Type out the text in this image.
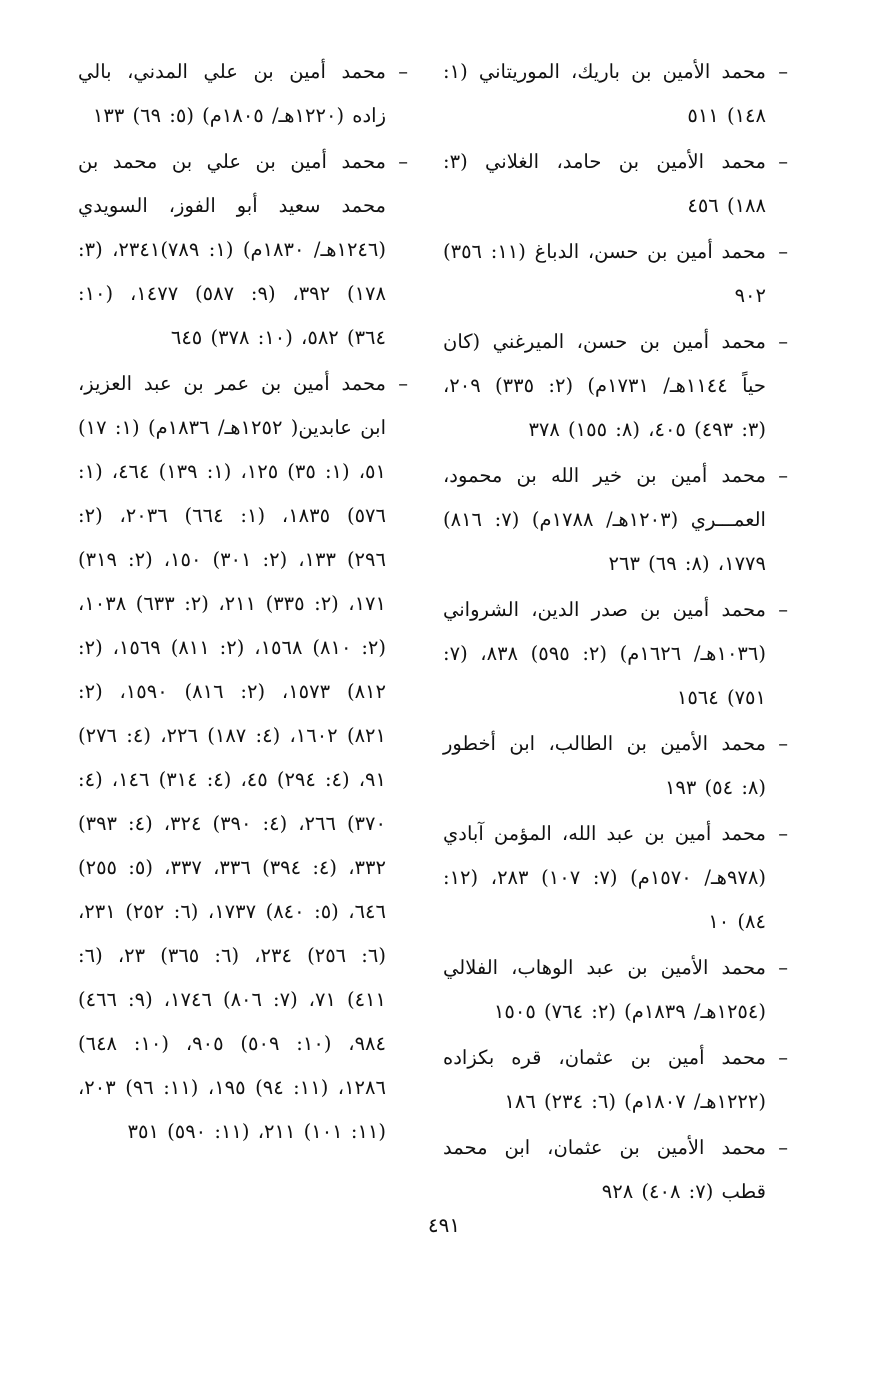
–
محمد الأمين بن باريك، الموريتاني (١: ١٤٨) ٥١١
–
محمد الأمين بن حامد، الغلاني (٣: ١٨٨) ٤٥٦
–
محمد أمين بن حسن، الدباغ (١١: ٣٥٦) ٩٠٢
–
محمد أمين بن حسن، الميرغني (كان حياً ١١٤٤هـ/ ١٧٣١م) (٢: ٣٣٥) ٢٠٩، (٣: ٤٩٣) ٤٠٥، (٨: ١٥٥) ٣٧٨
–
محمد أمين بن خير الله بن محمود، العمـــري (١٢٠٣هـ/ ١٧٨٨م) (٧: ٨١٦) ١٧٧٩، (٨: ٦٩) ٢٦٣
–
محمد أمين بن صدر الدين، الشرواني (١٠٣٦هـ/ ١٦٢٦م) (٢: ٥٩٥) ٨٣٨، (٧: ٧٥١) ١٥٦٤
–
محمد الأمين بن الطالب، ابن أخطور (٨: ٥٤) ١٩٣
–
محمد أمين بن عبد الله، المؤمن آبادي (٩٧٨هـ/ ١٥٧٠م) (٧: ١٠٧) ٢٨٣، (١٢: ٨٤) ١٠
–
محمد الأمين بن عبد الوهاب، الفلالي (١٢٥٤هـ/ ١٨٣٩م) (٢: ٧٦٤) ١٥٠٥
–
محمد أمين بن عثمان، قره بكزاده (١٢٢٢هـ/ ١٨٠٧م) (٦: ٢٣٤) ١٨٦
–
محمد الأمين بن عثمان، ابن محمد قطب (٧: ٤٠٨) ٩٢٨
–
محمد أمين بن علي المدني، بالي زاده (١٢٢٠هـ/ ١٨٠٥م) (٥: ٦٩) ١٣٣
–
محمد أمين بن علي بن محمد بن محمد سعيد أبو الفوز، السويدي (١٢٤٦هـ/ ١٨٣٠م) (١: ٧٨٩)٢٣٤١، (٣: ١٧٨) ٣٩٢، (٩: ٥٨٧) ١٤٧٧، (١٠: ٣٦٤) ٥٨٢، (١٠: ٣٧٨) ٦٤٥
–
محمد أمين بن عمر بن عبد العزيز، ابن عابدين( ١٢٥٢هـ/ ١٨٣٦م) (١: ١٧) ٥١، (١: ٣٥) ١٢٥، (١: ١٣٩) ٤٦٤، (١: ٥٧٦) ١٨٣٥، (١: ٦٦٤) ٢٠٣٦، (٢: ٢٩٦) ١٣٣، (٢: ٣٠١) ١٥٠، (٢: ٣١٩) ١٧١، (٢: ٣٣٥) ٢١١، (٢: ٦٣٣) ١٠٣٨، (٢: ٨١٠) ١٥٦٨، (٢: ٨١١) ١٥٦٩، (٢: ٨١٢) ١٥٧٣، (٢: ٨١٦) ١٥٩٠، (٢: ٨٢١) ١٦٠٢، (٤: ١٨٧) ٢٢٦، (٤: ٢٧٦) ٩١، (٤: ٢٩٤) ٤٥، (٤: ٣١٤) ١٤٦، (٤: ٣٧٠) ٢٦٦، (٤: ٣٩٠) ٣٢٤، (٤: ٣٩٣) ٣٣٢، (٤: ٣٩٤) ٣٣٦، ٣٣٧، (٥: ٢٥٥) ٦٤٦، (٥: ٨٤٠) ١٧٣٧، (٦: ٢٥٢) ٢٣١، (٦: ٢٥٦) ٢٣٤، (٦: ٣٦٥) ٢٣، (٦: ٤١١) ٧١، (٧: ٨٠٦) ١٧٤٦، (٩: ٤٦٦) ٩٨٤، (١٠: ٥٠٩) ٩٠٥، (١٠: ٦٤٨) ١٢٨٦، (١١: ٩٤) ١٩٥، (١١: ٩٦) ٢٠٣، (١١: ١٠١) ٢١١، (١١: ٥٩٠) ٣٥١
٤٩١
